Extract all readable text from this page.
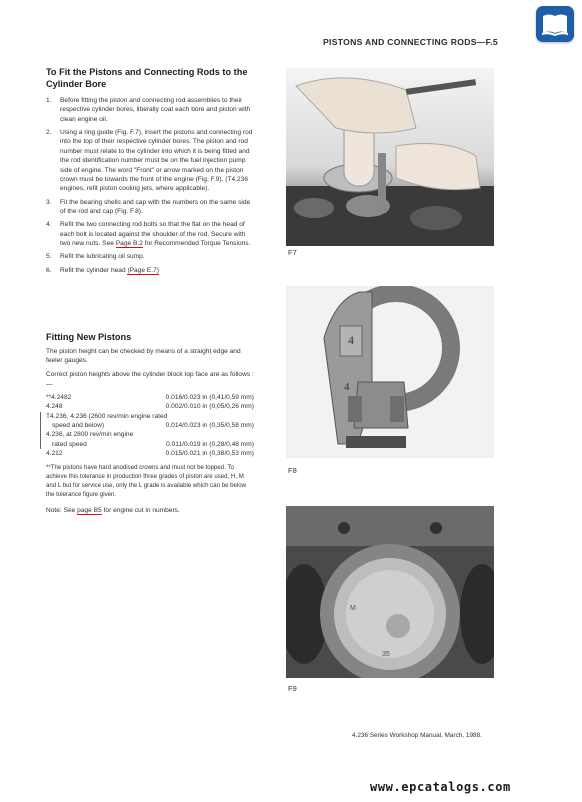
PISTONS AND CONNECTING RODS—F.5
To Fit the Pistons and Connecting Rods to the Cylinder Bore
1. Before fitting the piston and connecting rod assemblies to their respective cylinder bores, liberally coat each bore and piston with clean engine oil.
2. Using a ring guide (Fig. F.7), insert the pistons and connecting rod into the top of their respective cylinder bores. The piston and rod number must relate to the cylinder into which it is being fitted and the rod identification number must be on the fuel injection pump side of engine. The word "Front" or arrow marked on the piston crown must be towards the front of the engine (Fig. F.9). (T4.236 engines, refit piston cooling jets, where applicable).
3. Fit the bearing shells and cap with the numbers on the same side of the rod and cap (Fig. F.8).
4. Refit the two connecting rod bolts so that the flat on the head of each bolt is located against the shoulder of the rod. Secure with two new nuts. See Page B.2 for Recommended Torque Tensions.
5. Refit the lubricating oil sump.
6. Refit the cylinder head (Page E.7)
Fitting New Pistons
The piston height can be checked by means of a straight edge and feeler gauges.
Correct piston heights above the cylinder block top face are as follows :—
**4.2482	0.016/0.023 in (0,41/0,59 mm)
4.248	0.002/0.010 in (0,05/0,26 mm)
T4.236, 4.236 (2600 rev/min engine rated
speed and below)	0.014/0.023 in (0,35/0,58 mm)
4.236, at 2800 rev/min engine
rated speed	0.011/0.019 in (0,28/0,48 mm)
4.212	0.015/0.021 in (0,38/0,53 mm)
**The pistons have hard anodised crowns and must not be topped. To achieve this tolerance in production three grades of piston are used, H, M and L but for service use, only the L grade is available which can be below the tolerance figure given.
Note: See page B5 for engine cut in numbers.
F7
4
4
F8
M
35
F9
4.236 Series Workshop Manual, March, 1988.
www.epcatalogs.com
